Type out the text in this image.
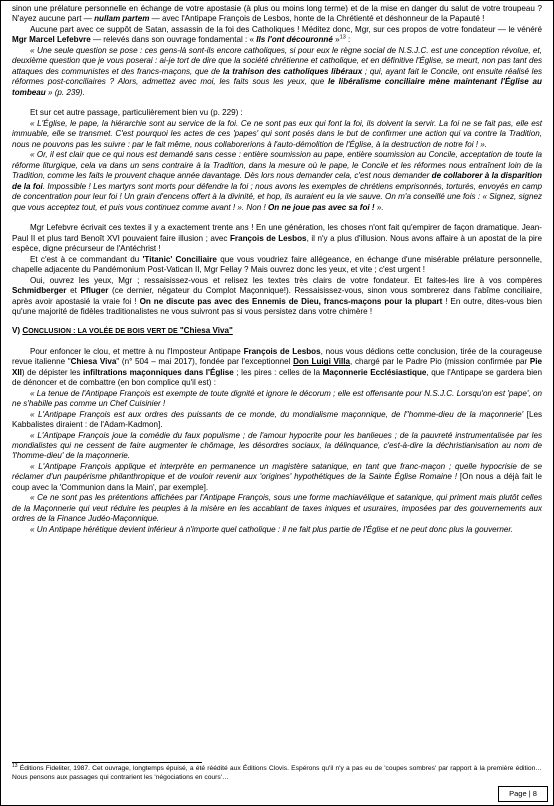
sinon une prélature personnelle en échange de votre apostasie (à plus ou moins long terme) et de la mise en danger du salut de votre troupeau ? N'ayez aucune part — nullam partem — avec l'Antipape François de Lesbos, honte de la Chrétienté et déshonneur de la Papauté !

Aucune part avec ce suppôt de Satan, assassin de la foi des Catholiques ! Méditez donc, Mgr, sur ces propos de votre fondateur — le vénéré Mgr Marcel Lefebvre — relevés dans son ouvrage fondamental : « Ils l'ont découronné »$^{13}$ :

« Une seule question se pose : ces gens-là sont-ils encore catholiques, si pour eux le règne social de N.S.J.C. est une conception révolue, et, deuxième question que je vous poserai : ai-je tort de dire que la société chrétienne et catholique, et en définitive l'Église, se meurt, non pas tant des attaques des communistes et des francs-maçons, que de la trahison des catholiques libéraux ; qui, ayant fait le Concile, ont ensuite réalisé les réformes post-conciliaires ? Alors, admettez avec moi, les faits sous les yeux, que le libéralisme conciliaire mène maintenant l'Église au tombeau » (p. 239).

Et sur cet autre passage, particulièrement bien vu (p. 229) :

« L'Église, le pape, la hiérarchie sont au service de la foi. Ce ne sont pas eux qui font la foi, ils doivent la servir. La foi ne se fait pas, elle est immuable, elle se transmet. C'est pourquoi les actes de ces 'papes' qui sont posés dans le but de confirmer une action qui va contre la Tradition, nous ne pouvons pas les suivre : par le fait même, nous collaborerions à l'auto-démolition de l'Église, à la destruction de notre foi ! ».

« Or, il est clair que ce qui nous est demandé sans cesse : entière soumission au pape, entière soumission au Concile, acceptation de toute la réforme liturgique, cela va dans un sens contraire à la Tradition, dans la mesure où le pape, le Concile et les réformes nous entraînent loin de la Tradition, comme les faits le prouvent chaque année davantage. Dès lors nous demander cela, c'est nous demander de collaborer à la disparition de la foi. Impossible ! Les martyrs sont morts pour défendre la foi ; nous avons les exemples de chrétiens emprisonnés, torturés, envoyés en camp de concentration pour leur foi ! Un grain d'encens offert à la divinité, et hop, ils auraient eu la vie sauve. On m'a conseillé une fois : « Signez, signez que vous acceptez tout, et puis vous continuez comme avant ! ». Non ! On ne joue pas avec sa foi ! ».

Mgr Lefebvre écrivait ces textes il y a exactement trente ans ! En une génération, les choses n'ont fait qu'empirer de façon dramatique. Jean-Paul II et plus tard Benoît XVI pouvaient faire illusion ; avec François de Lesbos, il n'y a plus d'illusion. Nous avons affaire à un apostat de la pire espèce, digne précurseur de l'Antéchrist !

Et c'est à ce commandant du 'Titanic' Conciliaire que vous voudriez faire allégeance, en échange d'une misérable prélature personnelle, chapelle adjacente du Pandémonium Post-Vatican II, Mgr Fellay ? Mais ouvrez donc les yeux, et vite ; c'est urgent !

Oui, ouvrez les yeux, Mgr ; ressaisissez-vous et relisez les textes très clairs de votre fondateur. Et faites-les lire à vos compères Schmidberger et Pfluger (ce dernier, négateur du Complot Maçonnique!). Ressaisissez-vous, sinon vous sombrerez dans l'abîme conciliaire, après avoir apostasié la vraie foi ! On ne discute pas avec des Ennemis de Dieu, francs-maçons pour la plupart ! En outre, dites-vous bien qu'une majorité de fidèles traditionalistes ne vous suivront pas si vous persistez dans votre chimère !

V) CONCLUSION : LA VOLÉE DE BOIS VERT DE "Chiesa Viva"

Pour enfoncer le clou, et mettre à nu l'Imposteur Antipape François de Lesbos, nous vous dédions cette conclusion, tirée de la courageuse revue italienne "Chiesa Viva" (n° 504 – mai 2017), fondée par l'exceptionnel Don Luigi Villa, chargé par le Padre Pio (mission confirmée par Pie XII) de dépister les infiltrations maçonniques dans l'Église ; les pires : celles de la Maçonnerie Ecclésiastique, que l'Antipape se gardera bien de dénoncer et de combattre (en bon complice qu'il est) :

« La tenue de l'Antipape François est exempte de toute dignité et ignore le décorum ; elle est offensante pour N.S.J.C. Lorsqu'on est 'pape', on ne s'habille pas comme un Chef Cuisinier !

« L'Antipape François est aux ordres des puissants de ce monde, du mondialisme maçonnique, de l''homme-dieu de la maçonnerie' [Les Kabbalistes diraient : de l'Adam-Kadmon].

« L'Antipape François joue la comédie du faux populisme ; de l'amour hypocrite pour les banlieues ; de la pauvreté instrumentalisée par les mondialistes qui ne cessent de faire augmenter le chômage, les désordres sociaux, la délinquance, c'est-à-dire la déchristianisation au nom de 'l'homme-dieu' de la maçonnerie.

« L'Antipape François applique et interprète en permanence un magistère satanique, en tant que franc-maçon ; quelle hypocrisie de se réclamer d'un paupérisme philanthropique et de vouloir revenir aux 'origines' hypothétiques de la Sainte Église Romaine ! [On nous a déjà fait le coup avec la 'Communion dans la Main', par exemple].

« Ce ne sont pas les prétentions affichées par l'Antipape François, sous une forme machiavélique et satanique, qui priment mais plutôt celles de la Maçonnerie qui veut réduire les peuples à la misère en les accablant de taxes iniques et usuraires, imposées par des gouvernements aux ordres de la Finance Judéo-Maçonnique.

« Un Antipape hérétique devient inférieur à n'importe quel catholique : il ne fait plus partie de l'Église et ne peut donc plus la gouverner.

$^{13}$ Éditions Fideliter, 1987. Cet ouvrage, longtemps épuisé, a été réédité aux Éditions Clovis. Espérons qu'il n'y a pas eu de 'coupes sombres' par rapport à la première édition… Nous pensons aux passages qui contrarient les 'négociations en cours'…
Page | 8
